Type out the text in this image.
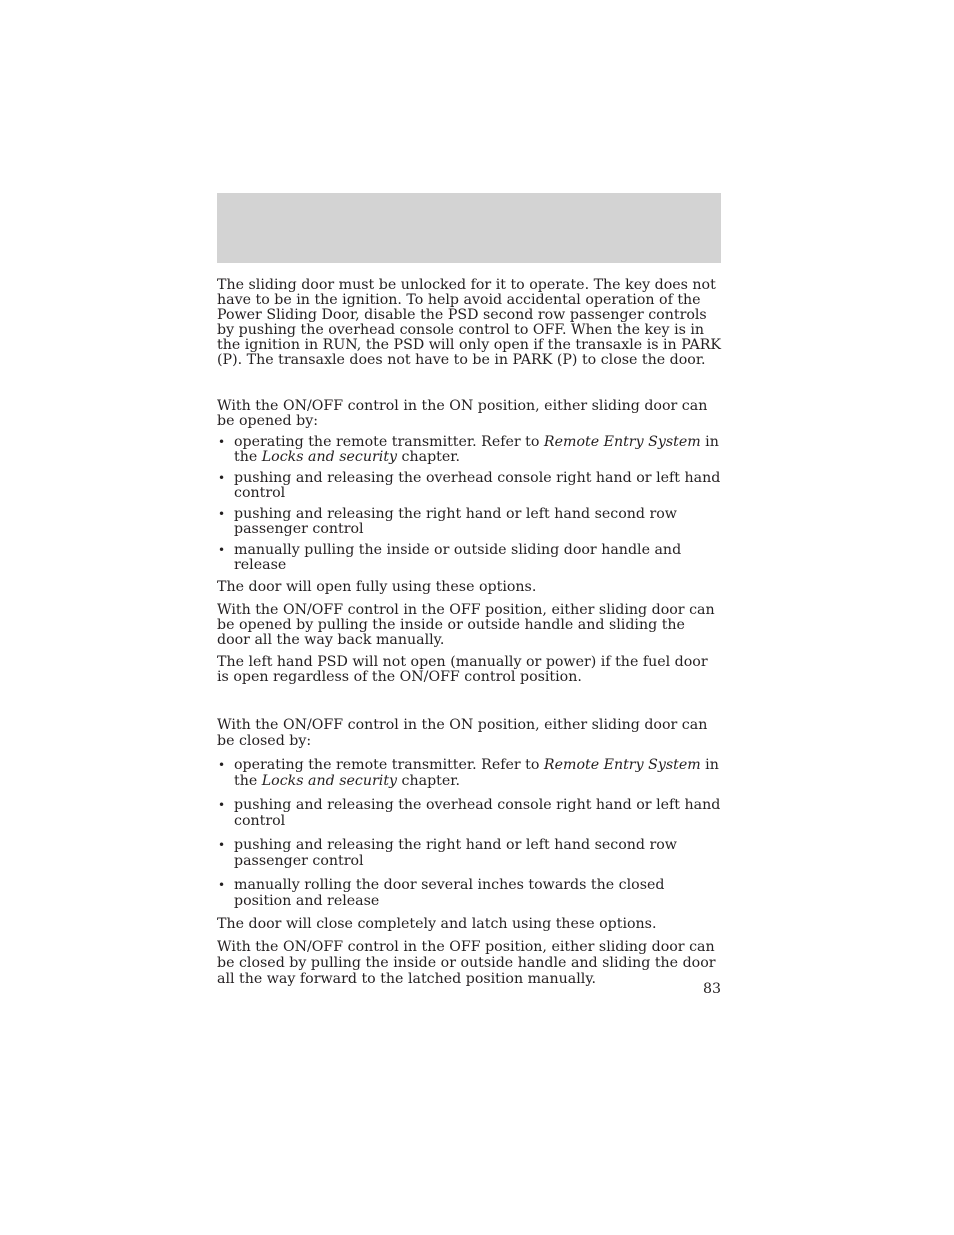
The sliding door must be unlocked for it to operate. The key does not have to be in the ignition. To help avoid accidental operation of the Power Sliding Door, disable the PSD second row passenger controls by pushing the overhead console control to OFF. When the key is in the ignition in RUN, the PSD will only open if the transaxle is in PARK (P). The transaxle does not have to be in PARK (P) to close the door.

With the ON/OFF control in the ON position, either sliding door can be opened by:

• operating the remote transmitter. Refer to Remote Entry System in the Locks and security chapter.
• pushing and releasing the overhead console right hand or left hand control
• pushing and releasing the right hand or left hand second row passenger control
• manually pulling the inside or outside sliding door handle and release

The door will open fully using these options.

With the ON/OFF control in the OFF position, either sliding door can be opened by pulling the inside or outside handle and sliding the door all the way back manually.

The left hand PSD will not open (manually or power) if the fuel door is open regardless of the ON/OFF control position.

With the ON/OFF control in the ON position, either sliding door can be closed by:

• operating the remote transmitter. Refer to Remote Entry System in the Locks and security chapter.
• pushing and releasing the overhead console right hand or left hand control
• pushing and releasing the right hand or left hand second row passenger control
• manually rolling the door several inches towards the closed position and release

The door will close completely and latch using these options.

With the ON/OFF control in the OFF position, either sliding door can be closed by pulling the inside or outside handle and sliding the door all the way forward to the latched position manually.

83
